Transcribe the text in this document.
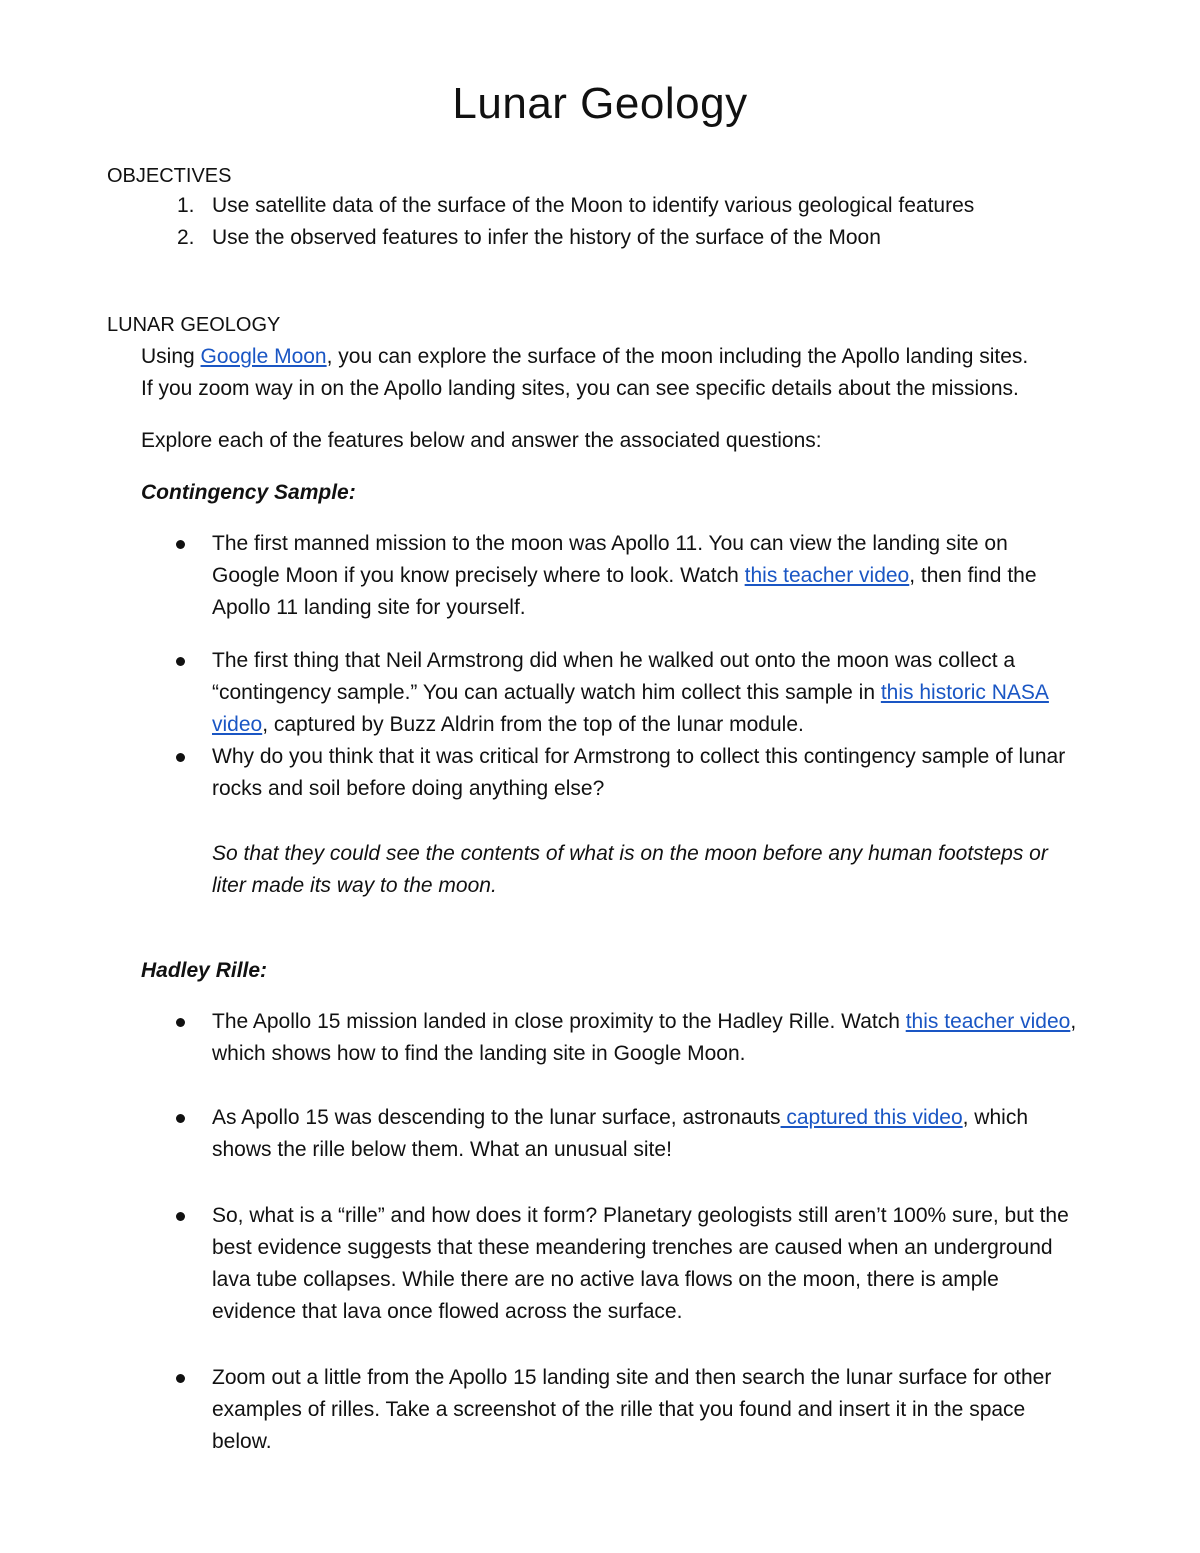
Lunar Geology
OBJECTIVES
1. Use satellite data of the surface of the Moon to identify various geological features
2. Use the observed features to infer the history of the surface of the Moon
LUNAR GEOLOGY

Using Google Moon, you can explore the surface of the moon including the Apollo landing sites.
If you zoom way in on the Apollo landing sites, you can see specific details about the missions.

Explore each of the features below and answer the associated questions:

Contingency Sample:
The first manned mission to the moon was Apollo 11. You can view the landing site on Google Moon if you know precisely where to look. Watch this teacher video, then find the Apollo 11 landing site for yourself.
The first thing that Neil Armstrong did when he walked out onto the moon was collect a “contingency sample.” You can actually watch him collect this sample in this historic NASA video, captured by Buzz Aldrin from the top of the lunar module.
Why do you think that it was critical for Armstrong to collect this contingency sample of lunar rocks and soil before doing anything else?

So that they could see the contents of what is on the moon before any human footsteps or liter made its way to the moon.

Hadley Rille:
The Apollo 15 mission landed in close proximity to the Hadley Rille. Watch this teacher video, which shows how to find the landing site in Google Moon.
As Apollo 15 was descending to the lunar surface, astronauts captured this video, which shows the rille below them. What an unusual site!
So, what is a “rille” and how does it form? Planetary geologists still aren’t 100% sure, but the best evidence suggests that these meandering trenches are caused when an underground lava tube collapses. While there are no active lava flows on the moon, there is ample evidence that lava once flowed across the surface.
Zoom out a little from the Apollo 15 landing site and then search the lunar surface for other examples of rilles. Take a screenshot of the rille that you found and insert it in the space below.
